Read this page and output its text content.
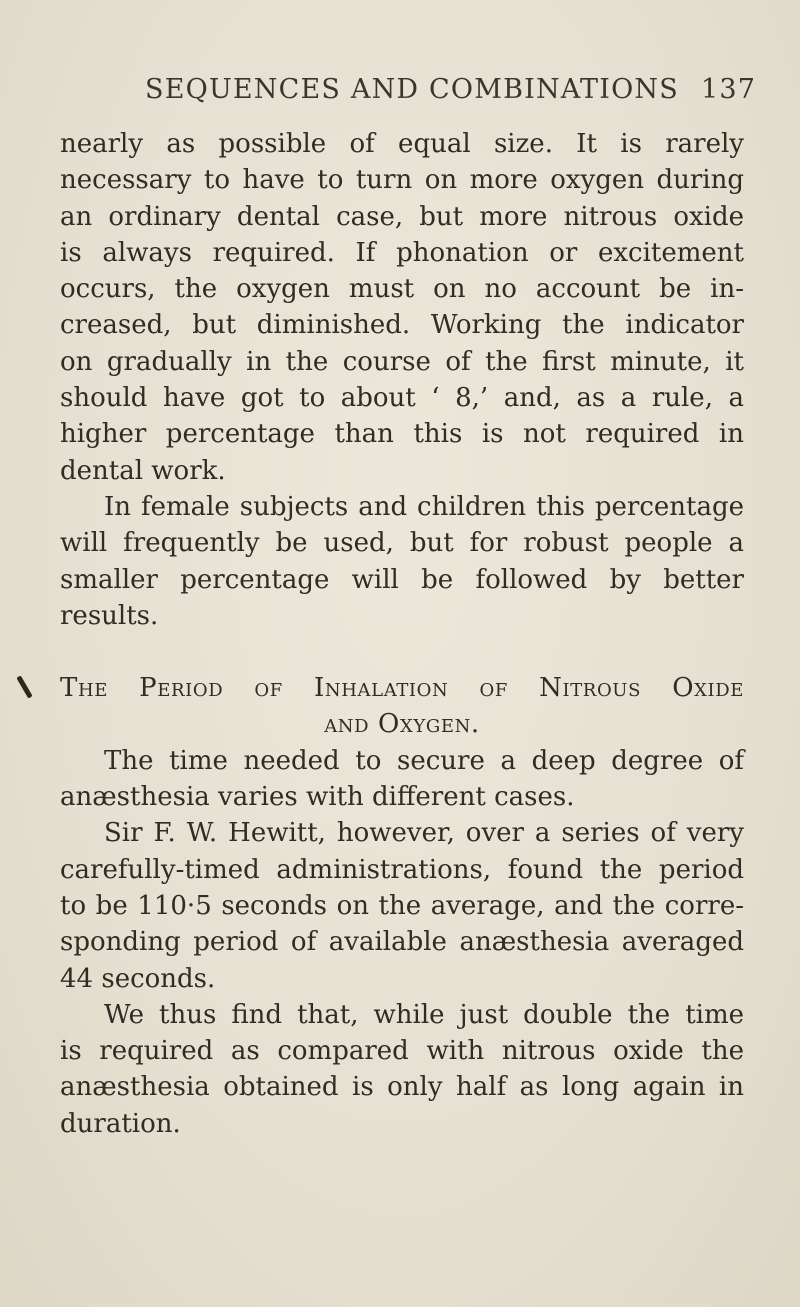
SEQUENCES AND COMBINATIONS 137
nearly as possible of equal size. It is rarely
necessary to have to turn on more oxygen during
an ordinary dental case, but more nitrous oxide
is always required. If phonation or excitement
occurs, the oxygen must on no account be in-
creased, but diminished. Working the indicator
on gradually in the course of the first minute, it
should have got to about ‘ 8,’ and, as a rule, a
higher percentage than this is not required in
dental work.
In female subjects and children this percentage
will frequently be used, but for robust people a
smaller percentage will be followed by better
results.
The Period of Inhalation of Nitrous Oxide
and Oxygen.
The time needed to secure a deep degree of
anæsthesia varies with different cases.
Sir F. W. Hewitt, however, over a series of very
carefully-timed administrations, found the period
to be 110·5 seconds on the average, and the corre-
sponding period of available anæsthesia averaged
44 seconds.
We thus find that, while just double the time
is required as compared with nitrous oxide the
anæsthesia obtained is only half as long again in
duration.
